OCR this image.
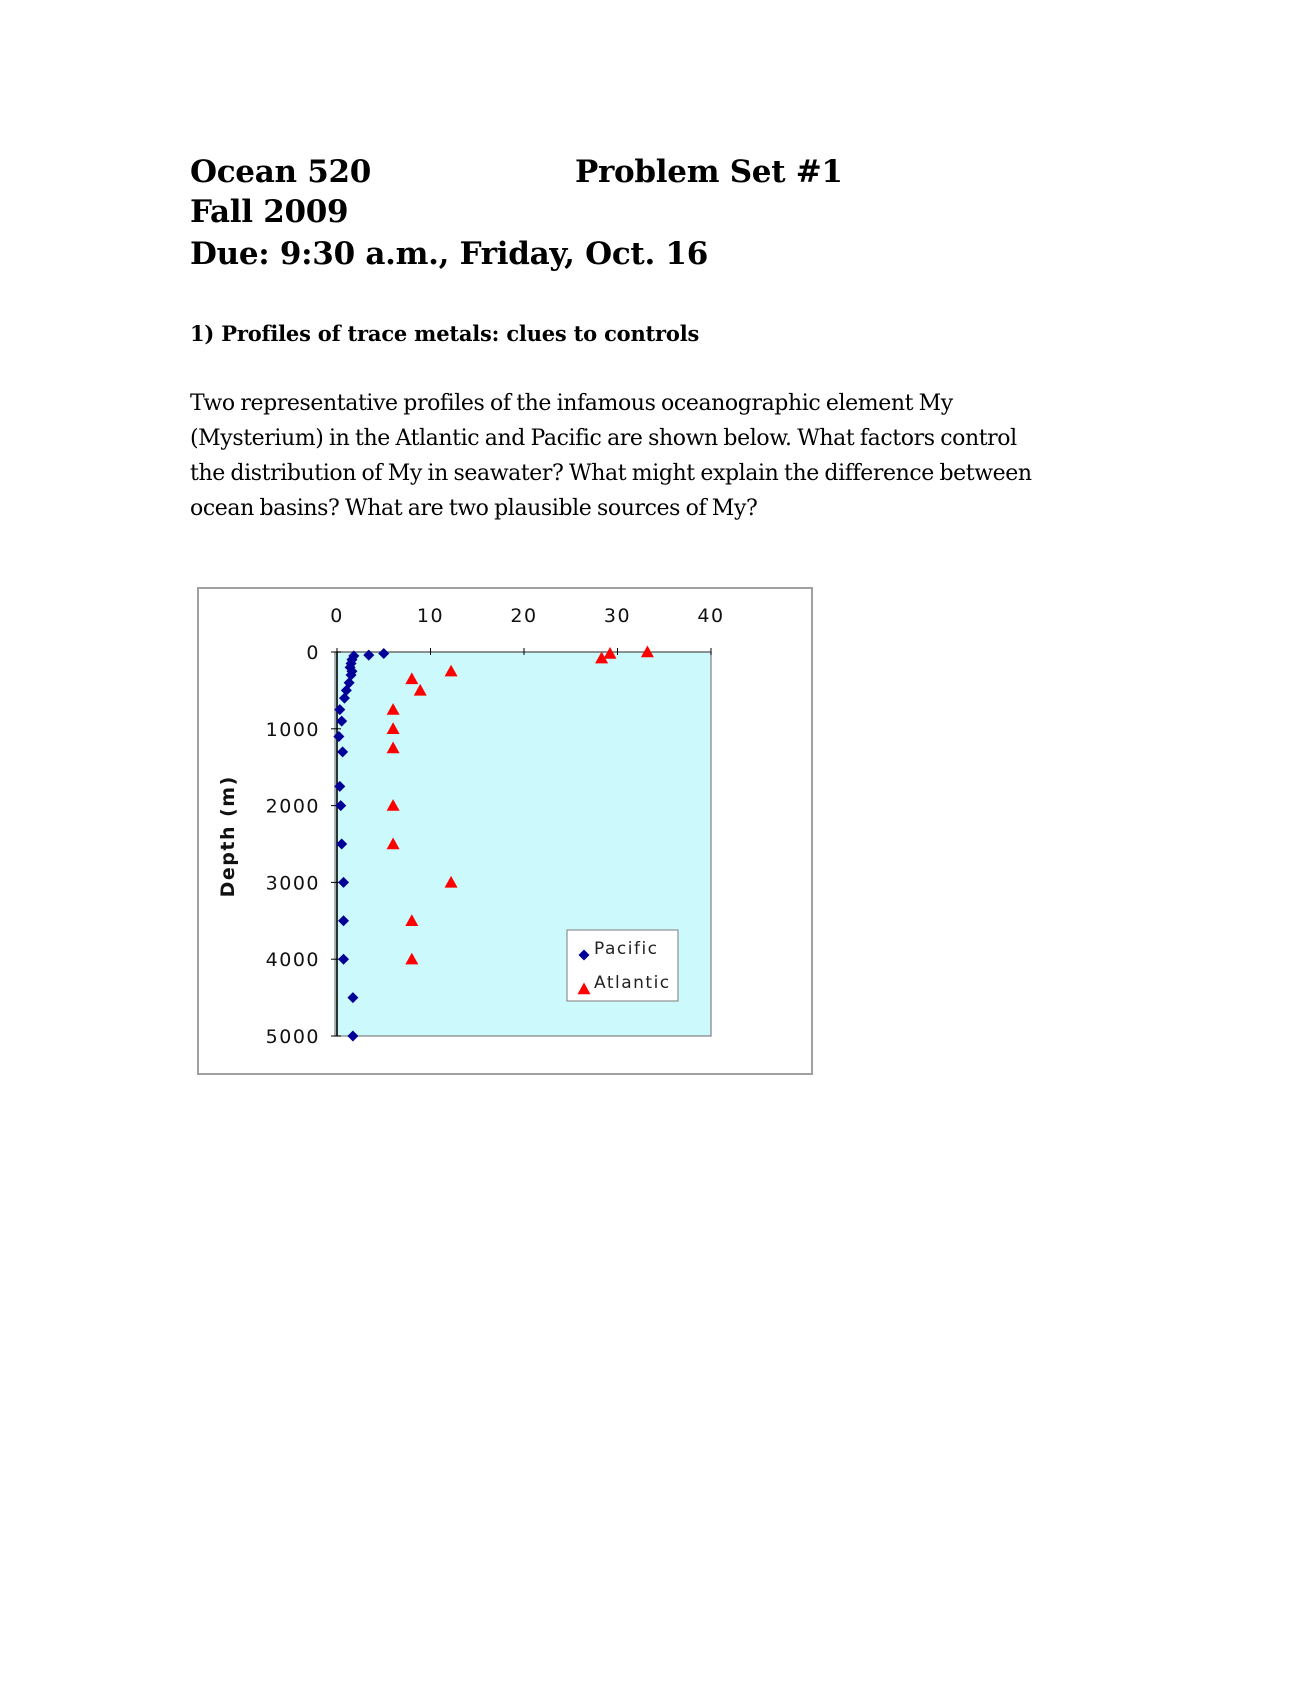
Ocean 520	Problem Set #1
Fall 2009
Due: 9:30 a.m., Friday, Oct. 16
1) Profiles of trace metals: clues to controls
Two representative profiles of the infamous oceanographic element My
(Mysterium) in the Atlantic and Pacific are shown below. What factors control
the distribution of My in seawater? What might explain the difference between
ocean basins? What are two plausible sources of My?
0	10	20	30	40
0
1000
2000
3000
4000
5000
Depth (m)
Pacific
Atlantic
